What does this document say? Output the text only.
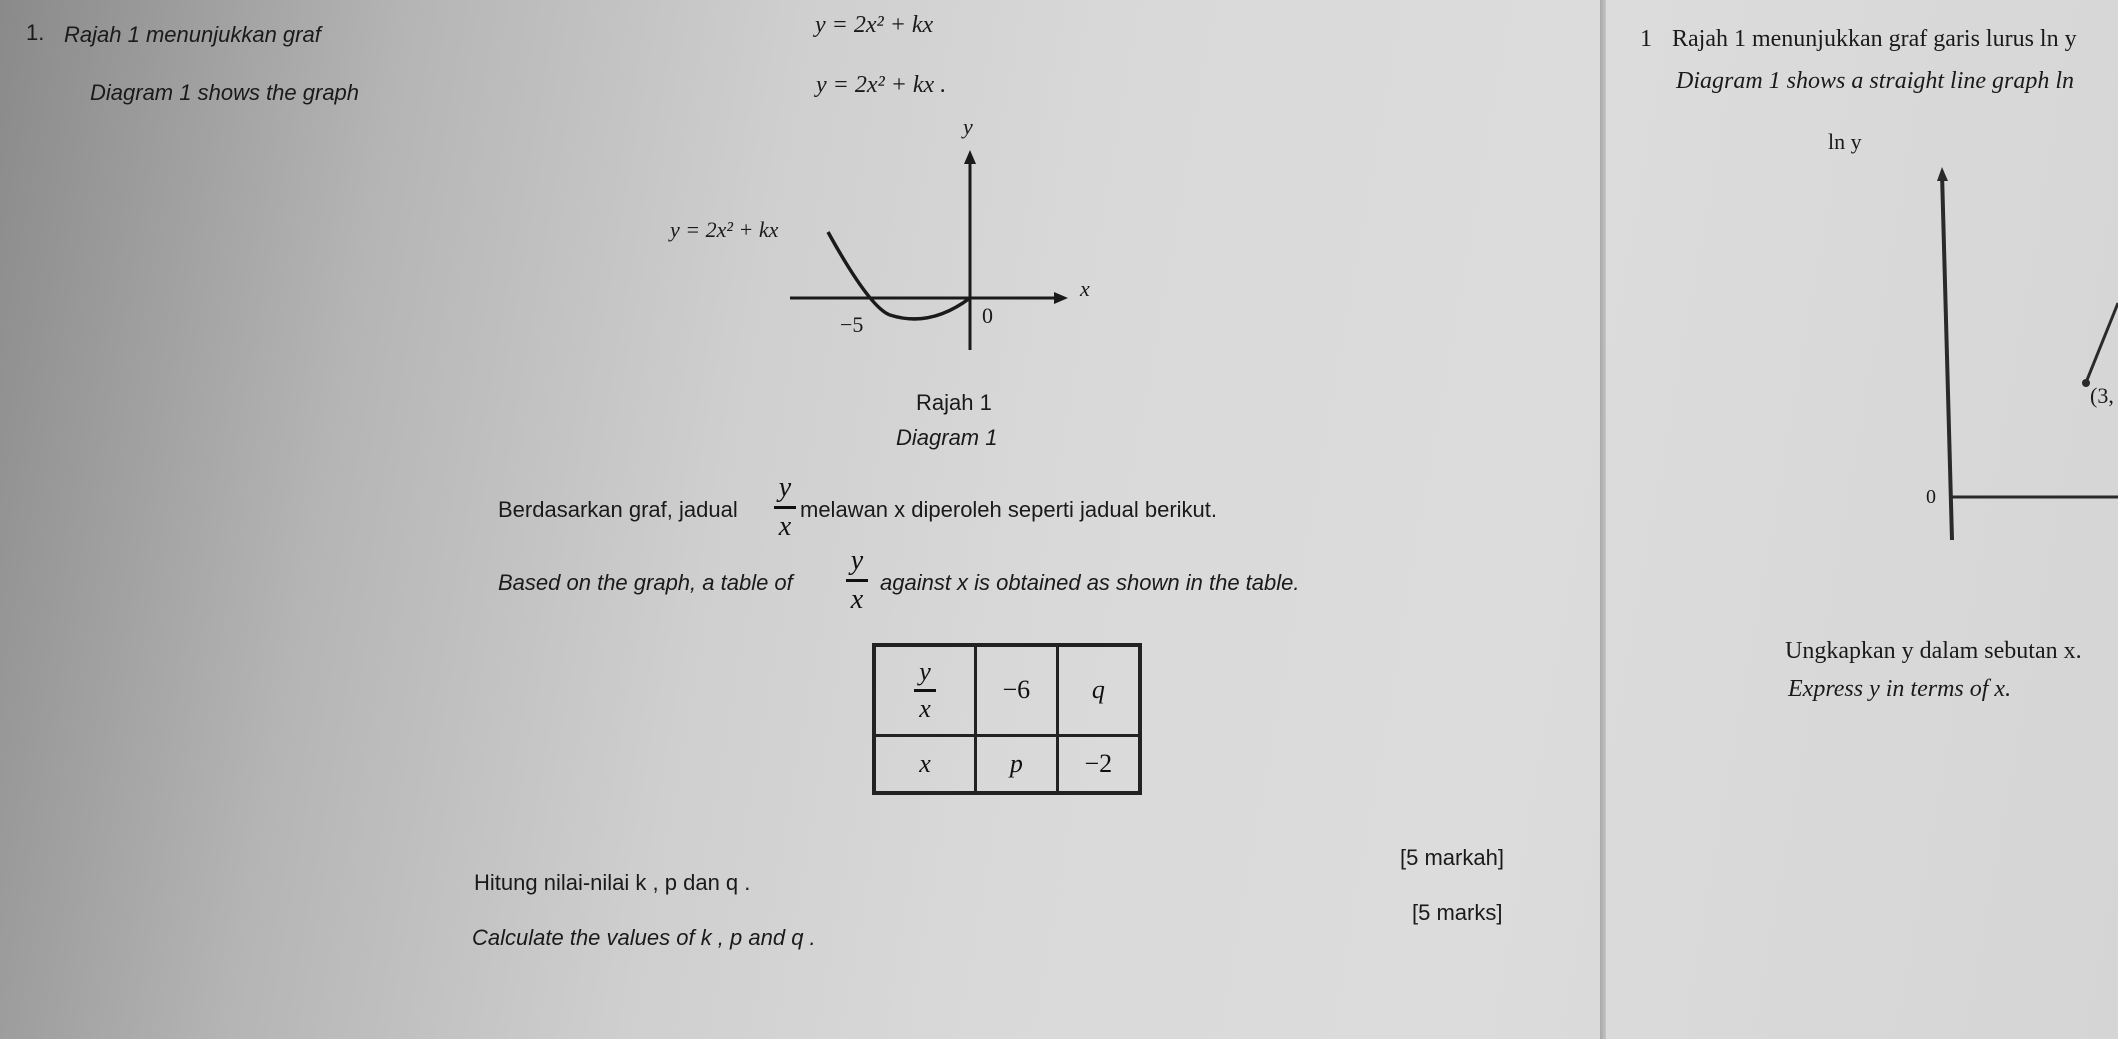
1. Rajah 1 menunjukkan graf	y = 2x² + kx
Diagram 1 shows the graph	y = 2x² + kx .
y
x
y = 2x² + kx
−5	0
Rajah 1
Diagram 1
Berdasarkan graf, jadual
y
x
melawan x diperoleh seperti jadual berikut.
Based on the graph, a table of
y
x
against x is obtained as shown in the table.
$\frac{y}{x}$	−6	q
x	p	−2
[5 markah]
Hitung nilai-nilai k , p dan q .
[5 marks]
Calculate the values of k , p and q .
1 Rajah 1 menunjukkan graf garis lurus ln y
Diagram 1 shows a straight line graph ln
ln y
0
(3,
Ungkapkan y dalam sebutan x.
Express y in terms of x.
